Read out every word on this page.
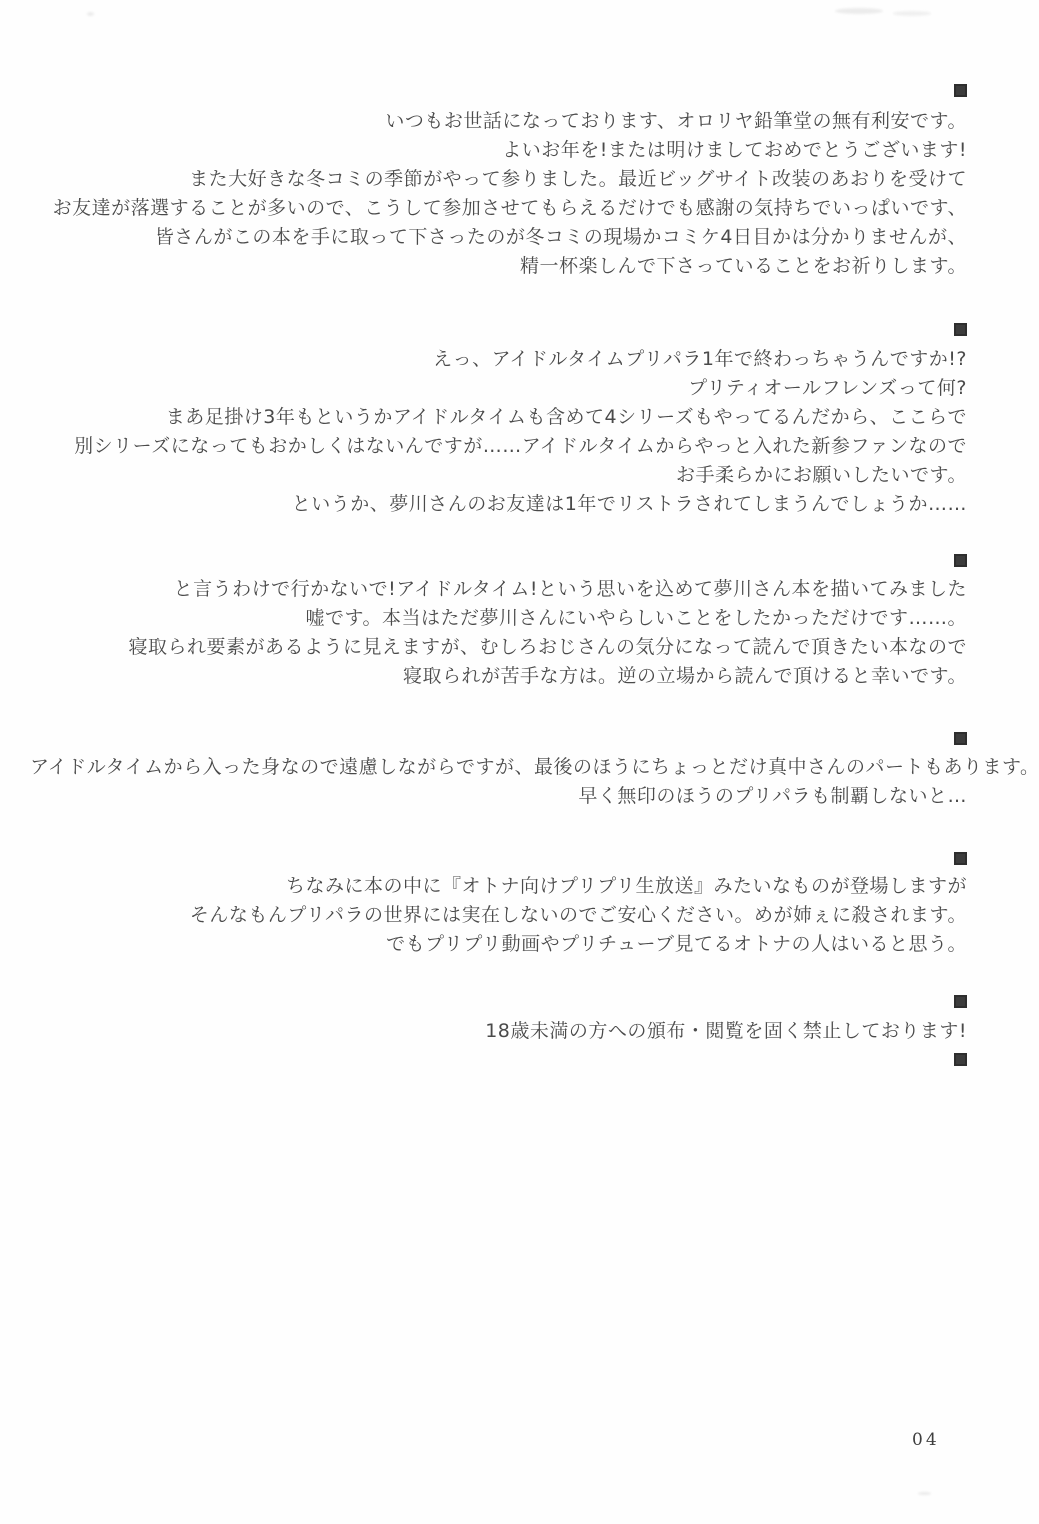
いつもお世話になっております、オロリヤ鉛筆堂の無有利安です。
よいお年を!または明けましておめでとうございます!
また大好きな冬コミの季節がやって参りました。最近ビッグサイト改装のあおりを受けて
お友達が落選することが多いので、こうして参加させてもらえるだけでも感謝の気持ちでいっぱいです、
皆さんがこの本を手に取って下さったのが冬コミの現場かコミケ4日目かは分かりませんが、
精一杯楽しんで下さっていることをお祈りします。
えっ、アイドルタイムプリパラ1年で終わっちゃうんですか!?
プリティオールフレンズって何?
まあ足掛け3年もというかアイドルタイムも含めて4シリーズもやってるんだから、ここらで
別シリーズになってもおかしくはないんですが……アイドルタイムからやっと入れた新参ファンなので
お手柔らかにお願いしたいです。
というか、夢川さんのお友達は1年でリストラされてしまうんでしょうか……
と言うわけで行かないで!アイドルタイム!という思いを込めて夢川さん本を描いてみました
嘘です。本当はただ夢川さんにいやらしいことをしたかっただけです……。
寝取られ要素があるように見えますが、むしろおじさんの気分になって読んで頂きたい本なので
寝取られが苦手な方は。逆の立場から読んで頂けると幸いです。
アイドルタイムから入った身なので遠慮しながらですが、最後のほうにちょっとだけ真中さんのパートもあります。
早く無印のほうのプリパラも制覇しないと…
ちなみに本の中に『オトナ向けプリプリ生放送』みたいなものが登場しますが
そんなもんプリパラの世界には実在しないのでご安心ください。めが姉ぇに殺されます。
でもプリプリ動画やプリチューブ見てるオトナの人はいると思う。
18歳未満の方への頒布・閲覧を固く禁止しております!
04
